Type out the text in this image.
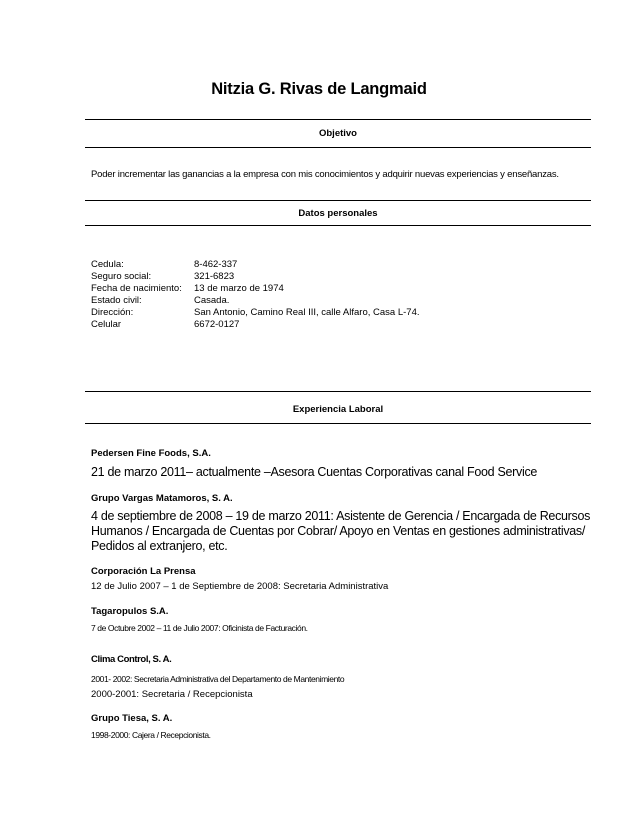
Nitzia G. Rivas de Langmaid
Objetivo
Poder incrementar las ganancias a la empresa con mis conocimientos y adquirir nuevas experiencias y enseñanzas.
Datos personales
Cedula:	8-462-337
Seguro social:	321-6823
Fecha de nacimiento:	13 de marzo de 1974
Estado civil:	Casada.
Dirección:	San Antonio, Camino Real III, calle Alfaro, Casa L-74.
Celular	6672-0127
Experiencia Laboral
Pedersen Fine Foods, S.A.
21 de marzo 2011– actualmente –Asesora Cuentas Corporativas canal Food Service
Grupo Vargas Matamoros, S. A.
4 de septiembre de 2008 – 19 de marzo 2011: Asistente de Gerencia / Encargada de Recursos
Humanos / Encargada de Cuentas por Cobrar/ Apoyo en Ventas en gestiones administrativas/
Pedidos al extranjero, etc.
Corporación La Prensa
12 de Julio 2007 – 1 de Septiembre de 2008: Secretaria Administrativa
Tagaropulos S.A.
7 de Octubre 2002 – 11 de Julio 2007: Oficinista de Facturación.
Clima Control, S. A.
2001- 2002: Secretaria Administrativa del Departamento de Mantenimiento
2000-2001: Secretaria / Recepcionista
Grupo Tiesa, S. A.
1998-2000: Cajera / Recepcionista.
